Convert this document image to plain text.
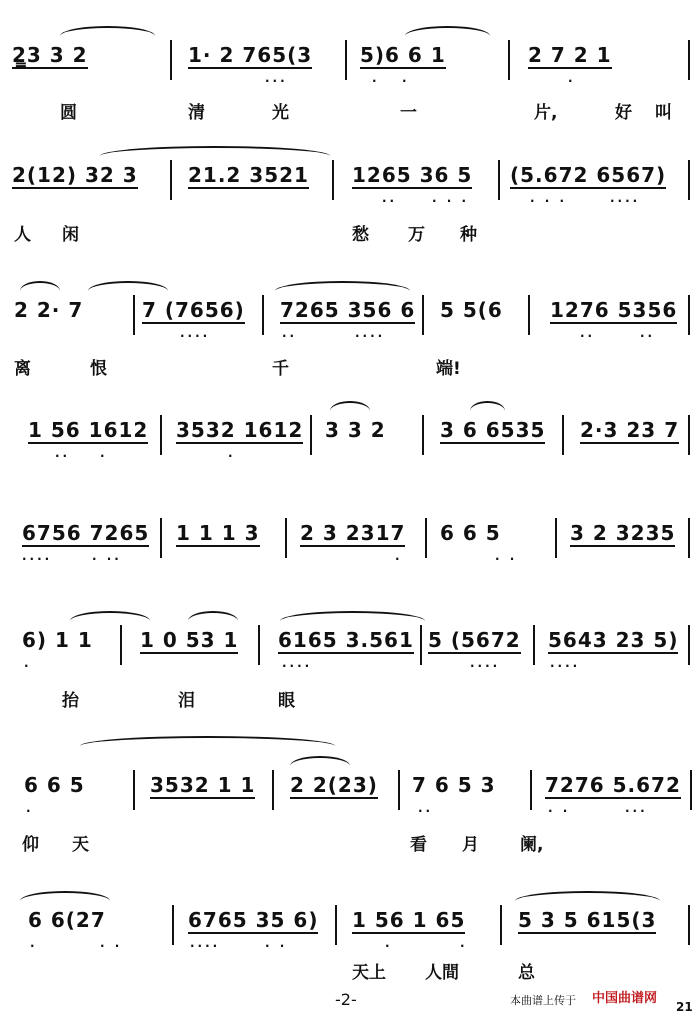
2̳3 3 2	1· 2 765(3 5)6 6 1	2 7 2 1
···	· ·	·
圆	清	光	一	片,	好 叫
2(12) 32 3	21.2 3521 1265 36 5 (5.672 6567)
··	· · ·	· · ·	····
人 闲	愁 万 种
2 2· 7	7 (7656) 7265 356 6 5 5(6 1276 5356
····	··	····	··	··
离	恨	千	端!
1 56 1612 3532 1612 3 3 2	3 6 6535 2·3 23 7
·· ·	·
6756 7265 1 1 1 3 2 3 2317 6 6 5	3 2 3235
····	· ··	·	· ·
6) 1 1 1 0 53 1 6165 3.561 5 (5672 5643 23 5)
·	····	····	····
抬	泪	眼
6 6 5	3532 1 1 2 2(23) 7 6 5 3 7276 5.672
·	··	· ·	···
仰 天	看 月 阑,
6 6(27	6765 35 6) 1 56 1 65	5 3 5 615(3
·	· ·	····	· ·	·	·
天上 人間	总
-2-	本曲谱上传于 中国曲谱网
21
